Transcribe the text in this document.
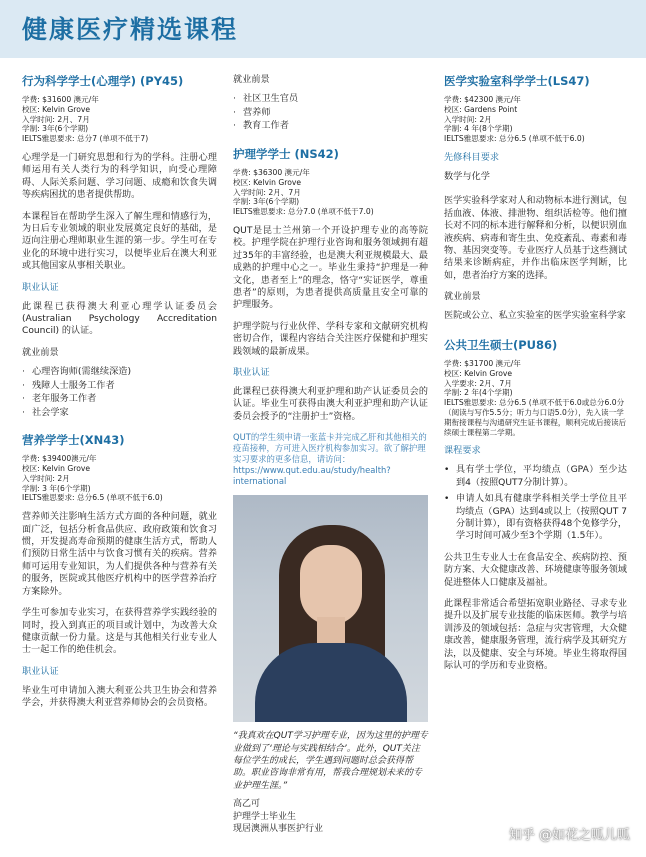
健康医疗精选课程
行为科学学士(心理学) (PY45)
学费: $31600 澳元/年
校区: Kelvin Grove
入学时间: 2月、7月
学制: 3年(6个学期)
IELTS雅思要求: 总分7 (单项不低于7)

心理学是一门研究思想和行为的学科。注册心理师运用有关人类行为的科学知识，向受心理障碍、人际关系问题、学习问题、成瘾和饮食失调等疾病困扰的患者提供帮助。

本课程旨在帮助学生深入了解生理和情感行为，为日后专业领域的职业发展奠定良好的基础，是迈向注册心理师职业生涯的第一步。学生可在专业化的环境中进行实习，以便毕业后在澳大利亚或其他国家从事相关职业。

职业认证

此课程已获得澳大利亚心理学认证委员会(Australian Psychology Accreditation Council) 的认证。

就业前景
· 心理咨询师(需继续深造)
· 残障人士服务工作者
· 老年服务工作者
· 社会学家
营养学学士(XN43)
学费: $39400澳元/年
校区: Kelvin Grove
入学时间: 2月
学制: 3 年(6个学期)
IELTS雅思要求: 总分6.5 (单项不低于6.0)

营养师关注影响生活方式方面的各种问题，就业面广泛，包括分析食品供应、政府政策和饮食习惯，开发提高寿命预期的健康生活方式，帮助人们预防日常生活中与饮食习惯有关的疾病。营养师可运用专业知识，为人们提供各种与营养有关的服务，医院或其他医疗机构中的医学营养治疗方案除外。

学生可参加专业实习，在获得营养学实践经验的同时，投入到真正的项目或计划中，为改善大众健康贡献一份力量。这是与其他相关行业专业人士一起工作的绝佳机会。

职业认证

毕业生可申请加入澳大利亚公共卫生协会和营养学会，并获得澳大利亚营养师协会的会员资格。

就业前景
· 社区卫生官员
· 营养师
· 教育工作者
护理学学士 (NS42)
学费: $36300 澳元/年
校区: Kelvin Grove
入学时间: 2月、7月
学制: 3年(6个学期)
IELTS雅思要求: 总分7.0 (单项不低于7.0)

QUT是昆士兰州第一个开设护理专业的高等院校。护理学院在护理行业咨询和服务领域拥有超过35年的丰富经验，也是澳大利亚规模最大、最成熟的护理中心之一。毕业生秉持“护理是一种文化，患者至上”的理念，恪守“实证医学，尊重患者”的原则，为患者提供高质量且安全可靠的护理服务。

护理学院与行业伙伴、学科专家和文献研究机构密切合作，课程内容结合关注医疗保健和护理实践领域的最新成果。

职业认证

此课程已获得澳大利亚护理和助产认证委员会的认证。毕业生可获得由澳大利亚护理和助产认证委员会授予的“注册护士”资格。

QUT的学生须申请一张蓝卡并完成乙肝和其他相关的疫苗接种，方可进入医疗机构参加实习。欲了解护理实习要求的更多信息，请访问：https://www.qut.edu.au/study/health?international

“我真欢在QUT学习护理专业，因为这里的护理专业做到了‘理论与实践相结合’。此外，QUT关注每位学生的成长，学生遇到问题时总会获得帮助。职业咨询非常有用，帮我合理规划未来的专业护理生涯。”

高乙可

护理学士毕业生

现居澳洲从事医护行业

医学实验室科学学士(LS47)
学费: $42300 澳元/年
校区: Gardens Point
入学时间: 2月
学制: 4 年(8个学期)
IELTS雅思要求: 总分6.5 (单项不低于6.0)
先修科目要求
数学与化学

医学实验科学家对人和动物标本进行测试，包括血液、体液、排泄物、组织活检等。他们擅长对不同的标本进行解释和分析，以便识别血液疾病、病毒和寄生虫、免疫紊乱、毒素和毒物、基因突变等。专业医疗人员基于这些测试结果来诊断病症，并作出临床医学判断，比如，患者治疗方案的选择。

就业前景

医院或公立、私立实验室的医学实验室科学家

公共卫生硕士(PU86)
学费: $31700 澳元/年
校区: Kelvin Grove
入学要求: 2月、7月
学制: 2 年(4个学期)
IELTS雅思要求: 总分6.5 (单项不低于6.0或总分6.0分（阅读与写作5.5分；听力与口语5.0分），先入读一学期衔接课程与沟通研究生证书课程，顺利完成后接读后续硕士课程第二学期。
课程要求
• 具有学士学位，平均绩点（GPA）至少达到4（按照QUT7分制计算）。
• 申请人如具有健康学科相关学士学位且平均绩点（GPA）达到4或以上（按照QUT 7分制计算），即有资格获得48个免修学分，学习时间可减少至3个学期（1.5年）。

公共卫生专业人士在食品安全、疾病防控、预防方案、大众健康改善、环境健康等服务领域促进整体人口健康及福祉。

此课程非常适合希望拓宽职业路径、寻求专业提升以及扩展专业技能的临床医师。教学与培训涉及的领域包括：急症与灾害管理，大众健康改善，健康服务管理，流行病学及其研究方法，以及健康、安全与环境。毕业生将取得国际认可的学历和专业资格。

知乎 @如花之呱儿呱
